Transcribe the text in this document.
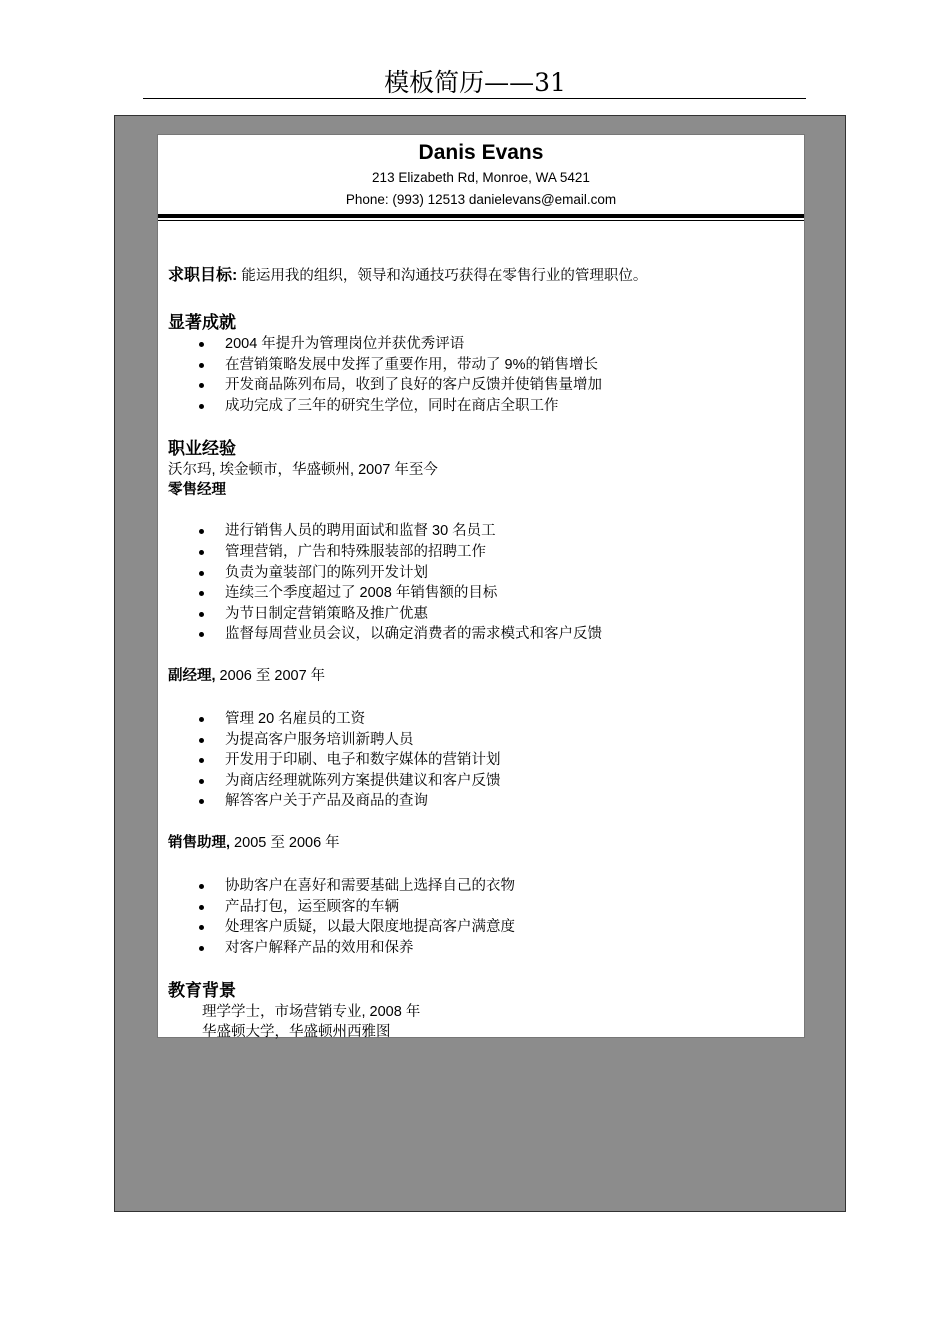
模板简历——31
Danis Evans
213 Elizabeth Rd, Monroe, WA 5421
Phone: (993) 12513 danielevans@email.com
求职目标: 能运用我的组织，领导和沟通技巧获得在零售行业的管理职位。
显著成就
2004 年提升为管理岗位并获优秀评语
在营销策略发展中发挥了重要作用，带动了 9%的销售增长
开发商品陈列布局，收到了良好的客户反馈并使销售量增加
成功完成了三年的研究生学位，同时在商店全职工作
职业经验
沃尔玛, 埃金顿市，华盛顿州, 2007 年至今
零售经理
进行销售人员的聘用面试和监督 30 名员工
管理营销，广告和特殊服装部的招聘工作
负责为童装部门的陈列开发计划
连续三个季度超过了 2008 年销售额的目标
为节日制定营销策略及推广优惠
监督每周营业员会议，以确定消费者的需求模式和客户反馈
副经理, 2006 至 2007 年
管理 20 名雇员的工资
为提高客户服务培训新聘人员
开发用于印刷、电子和数字媒体的营销计划
为商店经理就陈列方案提供建议和客户反馈
解答客户关于产品及商品的查询
销售助理, 2005 至 2006 年
协助客户在喜好和需要基础上选择自己的衣物
产品打包，运至顾客的车辆
处理客户质疑，以最大限度地提高客户满意度
对客户解释产品的效用和保养
教育背景
理学学士，市场营销专业, 2008 年
华盛顿大学，华盛顿州西雅图
